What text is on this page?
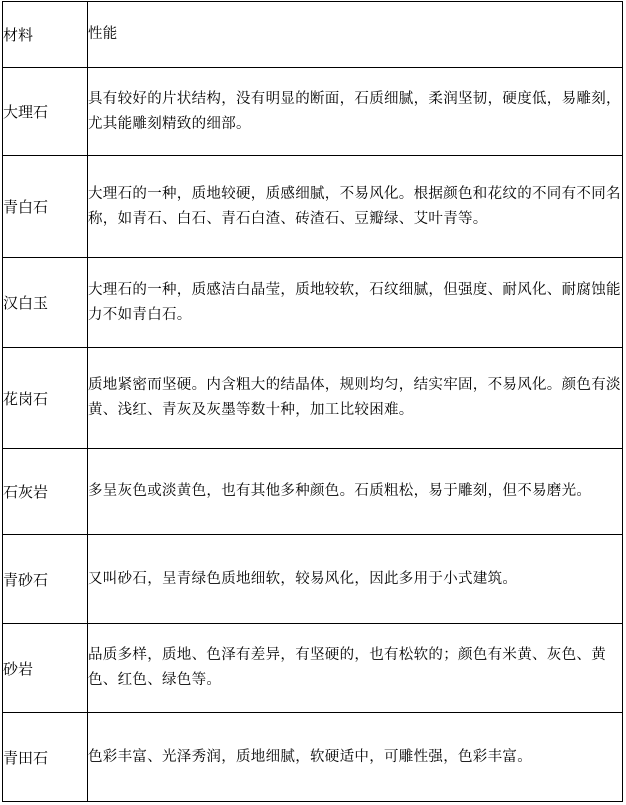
材料	性能
大理石	具有较好的片状结构，没有明显的断面，石质细腻，柔润坚韧，硬度低，易雕刻，尤其能雕刻精致的细部。
青白石	大理石的一种，质地较硬，质感细腻，不易风化。根据颜色和花纹的不同有不同名称，如青石、白石、青石白渣、砖渣石、豆瓣绿、艾叶青等。
汉白玉	大理石的一种，质感洁白晶莹，质地较软，石纹细腻，但强度、耐风化、耐腐蚀能力不如青白石。
花岗石	质地紧密而坚硬。内含粗大的结晶体，规则均匀，结实牢固，不易风化。颜色有淡黄、浅红、青灰及灰墨等数十种，加工比较困难。
石灰岩	多呈灰色或淡黄色，也有其他多种颜色。石质粗松，易于雕刻，但不易磨光。
青砂石	又叫砂石，呈青绿色质地细软，较易风化，因此多用于小式建筑。
砂岩	品质多样，质地、色泽有差异，有坚硬的，也有松软的；颜色有米黄、灰色、黄色、红色、绿色等。
青田石	色彩丰富、光泽秀润，质地细腻，软硬适中，可雕性强，色彩丰富。
